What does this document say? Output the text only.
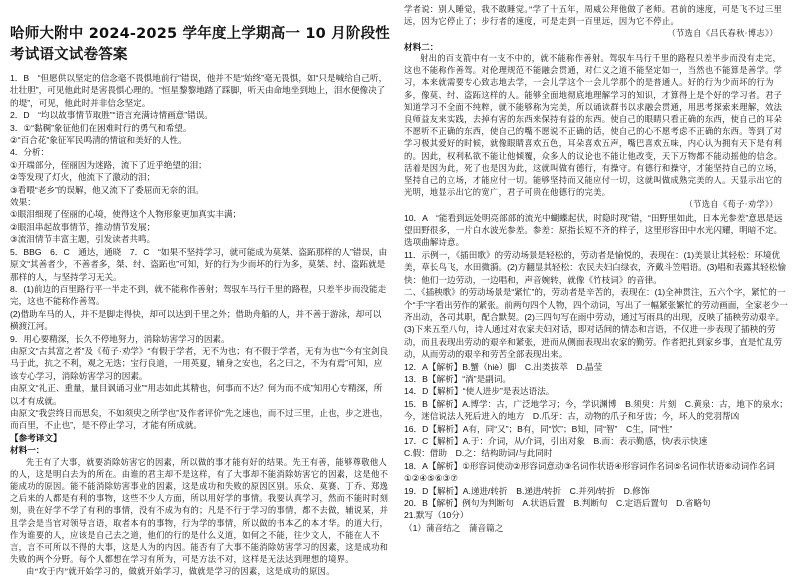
哈师大附中 2024-2025 学年度上学期高一 10 月阶段性考试语文试卷答案
1．B　“但愿供以坚定的信念毫不畏惧地前行”错误，他并不是“始终”毫无畏惧，如“只是喊给自己听，壮壮胆”，可见他此时是害畏惧心理的。“恒星黎黎地踏了踩脚，听天由命地坐到地上，泪水便像决了的堤”，可见，他此时并非信念坚定。
2．D　“均以故事情节取胜”“语言充满诗情画意”错误。
3．①“黏稠”象征他们在困难时行的勇气和希望。
②“百合花”象征军民鸣清的情谊和美好的人性。
4．分析：
①开端部分，侄丽因为迷路，流下了近乎绝望的泪；
②等发现了灯火，他流下了激动的泪；
③看喂“老乡”的误解，他又流下了委屈而无奈的泪。
效果：
①眼泪细现了侄丽的心境，使得这个人物形象更加真实丰满；
②眼泪串起故事情节，推动情节发展；
③流泪情节丰富主题，引发读者共鸣。
5．BBG　6．C　通达，通晓　7．C　“如果不坚持学习，就可能成为莫桀、盗跖那样的人”错误，由原文“其善者少，不善者多，桀、纣、盗跖也”可知，好的行为少而坏的行为多，莫桀、纣、盗跖就是那样的人，与坚持学习无关。
8．(1)前边的百里路行平一半走不到，就不能称作善射；驾驭车马行千里的路程，只差半步而没能走完，这也不能称作善驾。
(2)借助车马的人，并不是脚走得快，却可以达到千里之外；借助舟船的人，并不善于游泳，却可以横渡江河。
9．用心要精深，长久不停地努力，消除妨害学习的因素。
由原文“古其富之者”及《荀子·劝学》“有假于学者，无不为也；有不假于学者，无有为也”“今有宝剑良马于此，抗之不利，观之无迭；宝行良道，一用英夏，辅身之安也，名之曰之，不为有焉”可知，应该专心学习，消除妨害学习的因素。
由原文“礼正、重量，量目讽诵习业”“用志如此其精也，何事而不达？何为而不成”知用心专精深，所以才有成就。
由原文“我尝终日而思矣，不如须臾之所学也”及作者评价“先之速也，而不过三里，止也，步之进也，而百里，不止也”，是不停止学习，才能有所成就。
【参考译文】
材料一：
先王有了大事，就要消除妨害它的因素，所以做的事才能有好的结果。先王有善，能够尊敬他人的人，这是明白去为的所在。由谁的君主却不是这样，有了大事却不能消除妨害它的因素，这是他不能成功的原因。能不能消除妨害事业的因素，这是成功和失败的原因区别。乐众、莫赛、丁乔、郑逸之后来的人都是有利的事物，这些不少人方面，所以用好学的事情。我要认真学习，然而不能时时刻刻，贵在好学不学了有利的事情，没有不成为有的；凡是不行于学习的事情，都不去做，辅说某，并且学会是当官对领导言语，取者本有的事物，行为学的事情，所以做的书本乙的本才华。的道大行，作为谁要的人，应该是自己去之道，他们的行的是什么义道，如何之不能，往少文人，不能在人不言，言不可所以不得的大事，这是人为的内因。能否有了大事不能消除妨害学习的因素，这是成功和失败的两个分野。每个人都想在学习有所为，可是方法不对，这样是无法达到理想的境界。
由“攻于内”就开始学习的，做就开始学习，做就是学习的因素，这是成功的原因。
学者说：别人睡觉，我不敢睡觉。”学了十五年，周威公拜他做了老师。君前的速度，可是飞不过三里远，因为它停止了；步行者的速度，可是走到一百里远，因为它不停止。
（节选自《吕氏春秋·博志》）
材料二：
射出的百支箭中有一支不中的，就不能称作善射。驾驭车马行千里的路程只差半步而没有走完，这也不能称作善驾。对伦理规范不能融会贯通，对仁义之道不能坚定如一，当然也不能算是善学。学习，本来就需要专心致志地去学，一会儿学这个一会儿学那个的是普通人。好的行为少而坏的行为多，像莫、纣、盗跖这样的人。能够全面地彻底地理解学习的知识，才算得上是个好的学习者。君子知道学习不全面不纯粹，就不能够称为完美，所以诵读群书以求融会贯通，用思考探索来理解，效法良师益友来实践，去掉有害的东西来保持有益的东西。使自己的眼睛只看正确的东西，使自己的耳朵不愿听不正确的东西，使自己的嘴不愿说不正确的话，使自己的心不愿考虑不正确的东西。等到了对学习极其爱好的时候，就像眼睛喜欢五色，耳朵喜欢五声，嘴巴喜欢五味，内心认为拥有天下是有利的。因此，权利私欲不能让他倾覆，众多人的议论也不能让他改变，天下万物都不能动摇他的信念。活着是因为此，死了也是因为此，这就叫做有德行，有操守。有德行和操守，才能坚持自己的立场，坚持自己的立场，才能应付一切。能够坚持而又能应付一切，这就叫做成熟完美的人。天显示出它的光明，地显示出它的宽广，君子可贵在他德行的完美。
（节选自《荀子·劝学》）
10．A　“能看到远处明亮部部的流光中蝴蝶起伏，时隐时现”错，“田野里如此，日本光参差”意思是远望田野很多，一片白水波光参差。参差：原指长短不齐的样子，这里形容田中水光闪耀，明暗不定。选项曲解诗意。
11．示例一，《插田歌》的劳动场景是轻松的，劳动者是愉悦的，表现在：(1)美景让其轻松：环境优美，草长鸟飞，水田微漪。(2)方翻显其轻松：农民夫妇白绿衣，齐戴斗笠唱语。(3)唱和表露其轻松愉快：他们一边劳动，一边唱和，声音婉转，就像《竹枝词》的音律。
二、《插秧歌》的劳动场景是“紧忙”的，劳动者是辛苦的，表现在：(1)全神贯注，五六个字，紧忙的一个“手”字看出劳作的紧张。前两句四个人物，四个动词，写出了一幅紧张繁忙的劳动画面，全家老少一齐出动，各司其职，配合默契。(2)三四句写在雨中劳动，通过写雨具的出现，反映了插秧劳动艰辛。(3)下来五至八句，诗人通过对农家夫妇对话，即对话间的情态和言语，不仅进一步表现了插秧的劳动，而且表现出劳动的艰辛和紧张，进而从侧面表现出农家的勤劳。作者把扎到家乡事，直是忙乱劳动，从而劳动的艰辛和劳苦全部表现出来。
12．A【解析】B.蟹（hiè）脚　C.出类拔萃　D.晶莹
13．B【解析】“淌”是副词。
14．D【解析】“使人进步”是表达语法。
15．B【解析】A.博学：古，广泛地学习；今，学识渊博　B.须臾：片刻　C.黄泉：古，地下的泉水；今，迷信说法人死后进入的地方　D.爪牙：古，动物的爪子和牙齿；今，坏人的党羽帮凶
16．D【解析】A有，同“又”；B有，同“饮”；B知，同“智”　C生，同“性”
17．C【解析】A.于：介词，从/介词，引出对象　B.而：表示勤感，快/表示快速
C.假：借助　D.之：结构助词/与此同时
18．A【解析】①形容词使动②形容词意动③名词作状语④形容词作名词⑤名词作状语⑥动词作名词
①②④⑤⑥③⑦
19．D【解析】A.递进/转折　B.递进/转折　C.并列/转折　D.修饰
20．B【解析】例句为判断句　A.状语后置　B.判断句　C.定语后置句　D.省略句
21.默写（10分）
（1）蒲音结之　蒲音篇之
